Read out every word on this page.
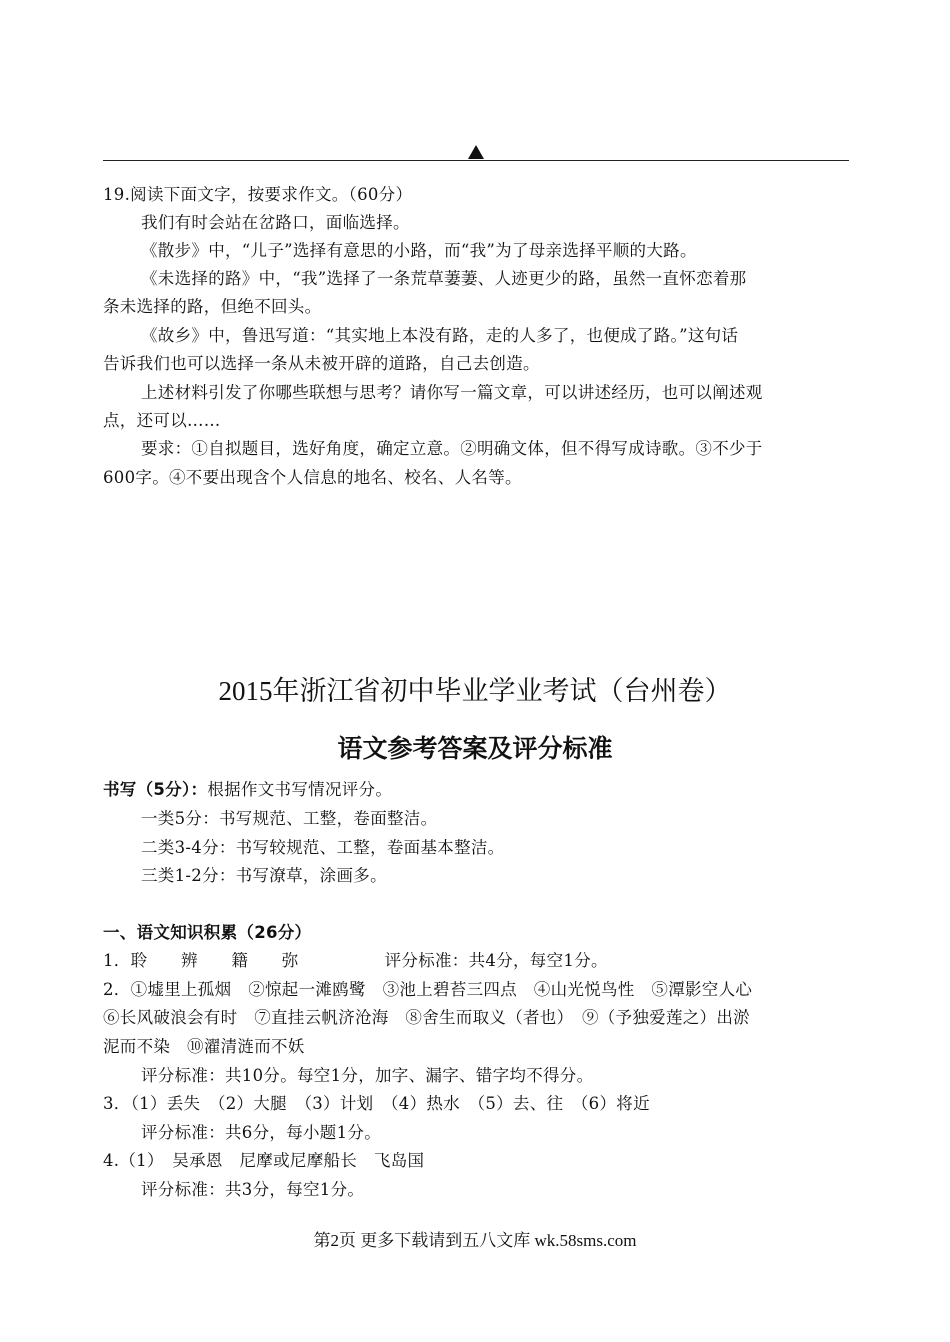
19.阅读下面文字，按要求作文。（60分）
我们有时会站在岔路口，面临选择。
《散步》中，“儿子”选择有意思的小路，而“我”为了母亲选择平顺的大路。
《未选择的路》中，“我”选择了一条荒草萋萋、人迹更少的路，虽然一直怀恋着那
条未选择的路，但绝不回头。
《故乡》中，鲁迅写道：“其实地上本没有路，走的人多了，也便成了路。”这句话
告诉我们也可以选择一条从未被开辟的道路，自己去创造。
上述材料引发了你哪些联想与思考？请你写一篇文章，可以讲述经历，也可以阐述观
点，还可以……
要求：①自拟题目，选好角度，确定立意。②明确文体，但不得写成诗歌。③不少于
600字。④不要出现含个人信息的地名、校名、人名等。
2015年浙江省初中毕业学业考试（台州卷）
语文参考答案及评分标准
书写（5分）：根据作文书写情况评分。
一类5分：书写规范、工整，卷面整洁。
二类3-4分：书写较规范、工整，卷面基本整洁。
三类1-2分：书写潦草，涂画多。
一、语文知识积累（26分）
1．聆　　辨　　籍　　弥	评分标准：共4分，每空1分。
2．①墟里上孤烟　②惊起一滩鸥鹭　③池上碧苔三四点　④山光悦鸟性　⑤潭影空人心
⑥长风破浪会有时　⑦直挂云帆济沧海　⑧舍生而取义（者也）　⑨（予独爱莲之）出淤
泥而不染　⑩濯清涟而不妖
评分标准：共10分。每空1分，加字、漏字、错字均不得分。
3．（1）丢失　（2）大腿　（3）计划　（4）热水　（5）去、往　（6）将近
评分标准：共6分，每小题1分。
4.（1）　吴承恩　尼摩或尼摩船长　飞岛国
评分标准：共3分，每空1分。
第2页 更多下载请到五八文库 wk.58sms.com
